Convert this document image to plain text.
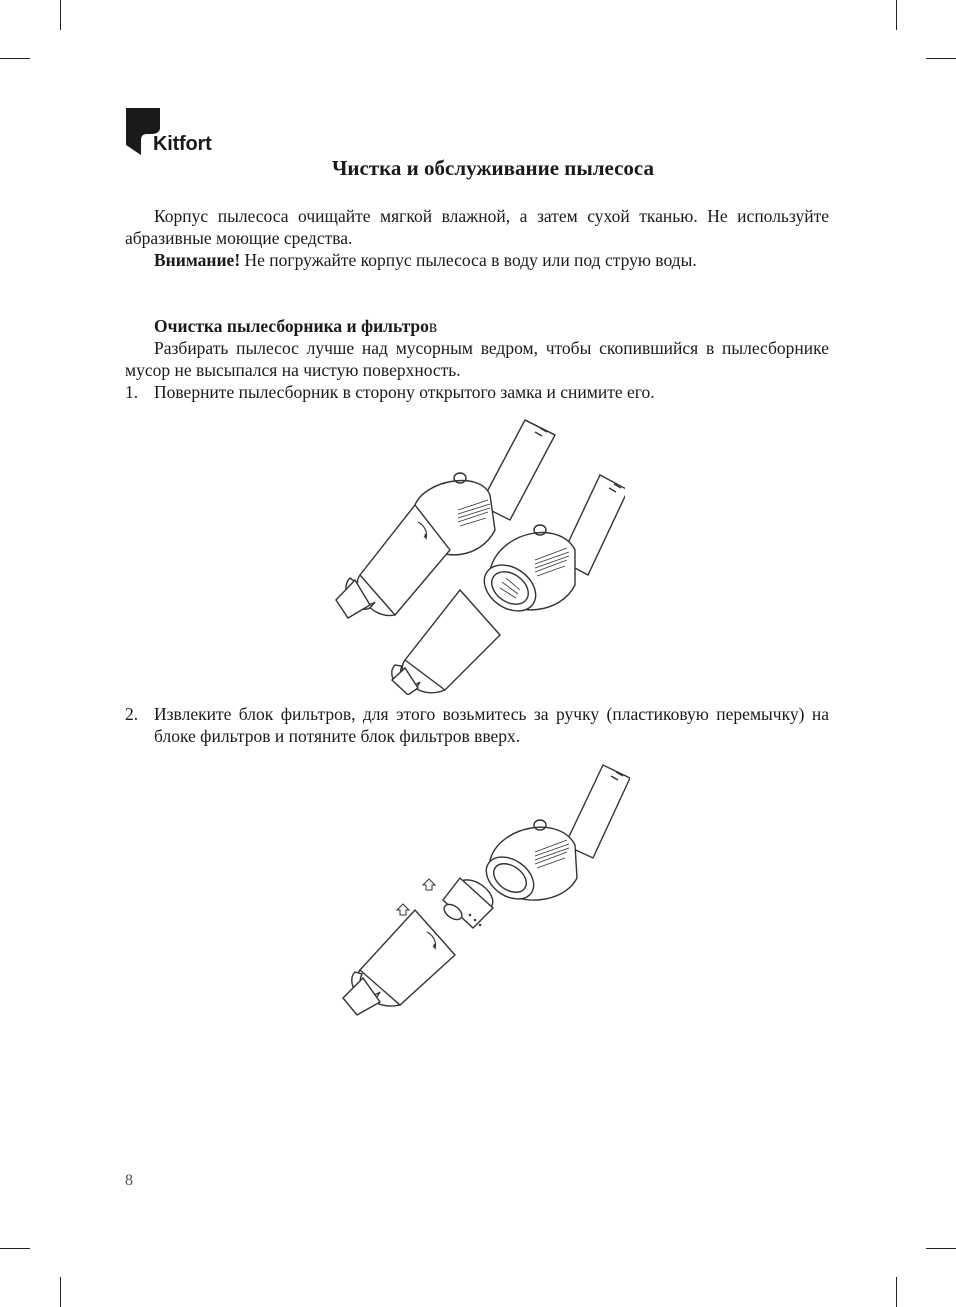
Kitfort
Чистка и обслуживание пылесоса
Корпус пылесоса очищайте мягкой влажной, а затем сухой тканью. Не используйте абразивные моющие средства.
Внимание! Не погружайте корпус пылесоса в воду или под струю воды.
Очистка пылесборника и фильтров
Разбирать пылесос лучше над мусорным ведром, чтобы скопившийся в пылесборнике мусор не высыпался на чистую поверхность.
1. Поверните пылесборник в сторону открытого замка и снимите его.
2. Извлеките блок фильтров, для этого возьмитесь за ручку (пластиковую перемычку) на блоке фильтров и потяните блок фильтров вверх.
8
